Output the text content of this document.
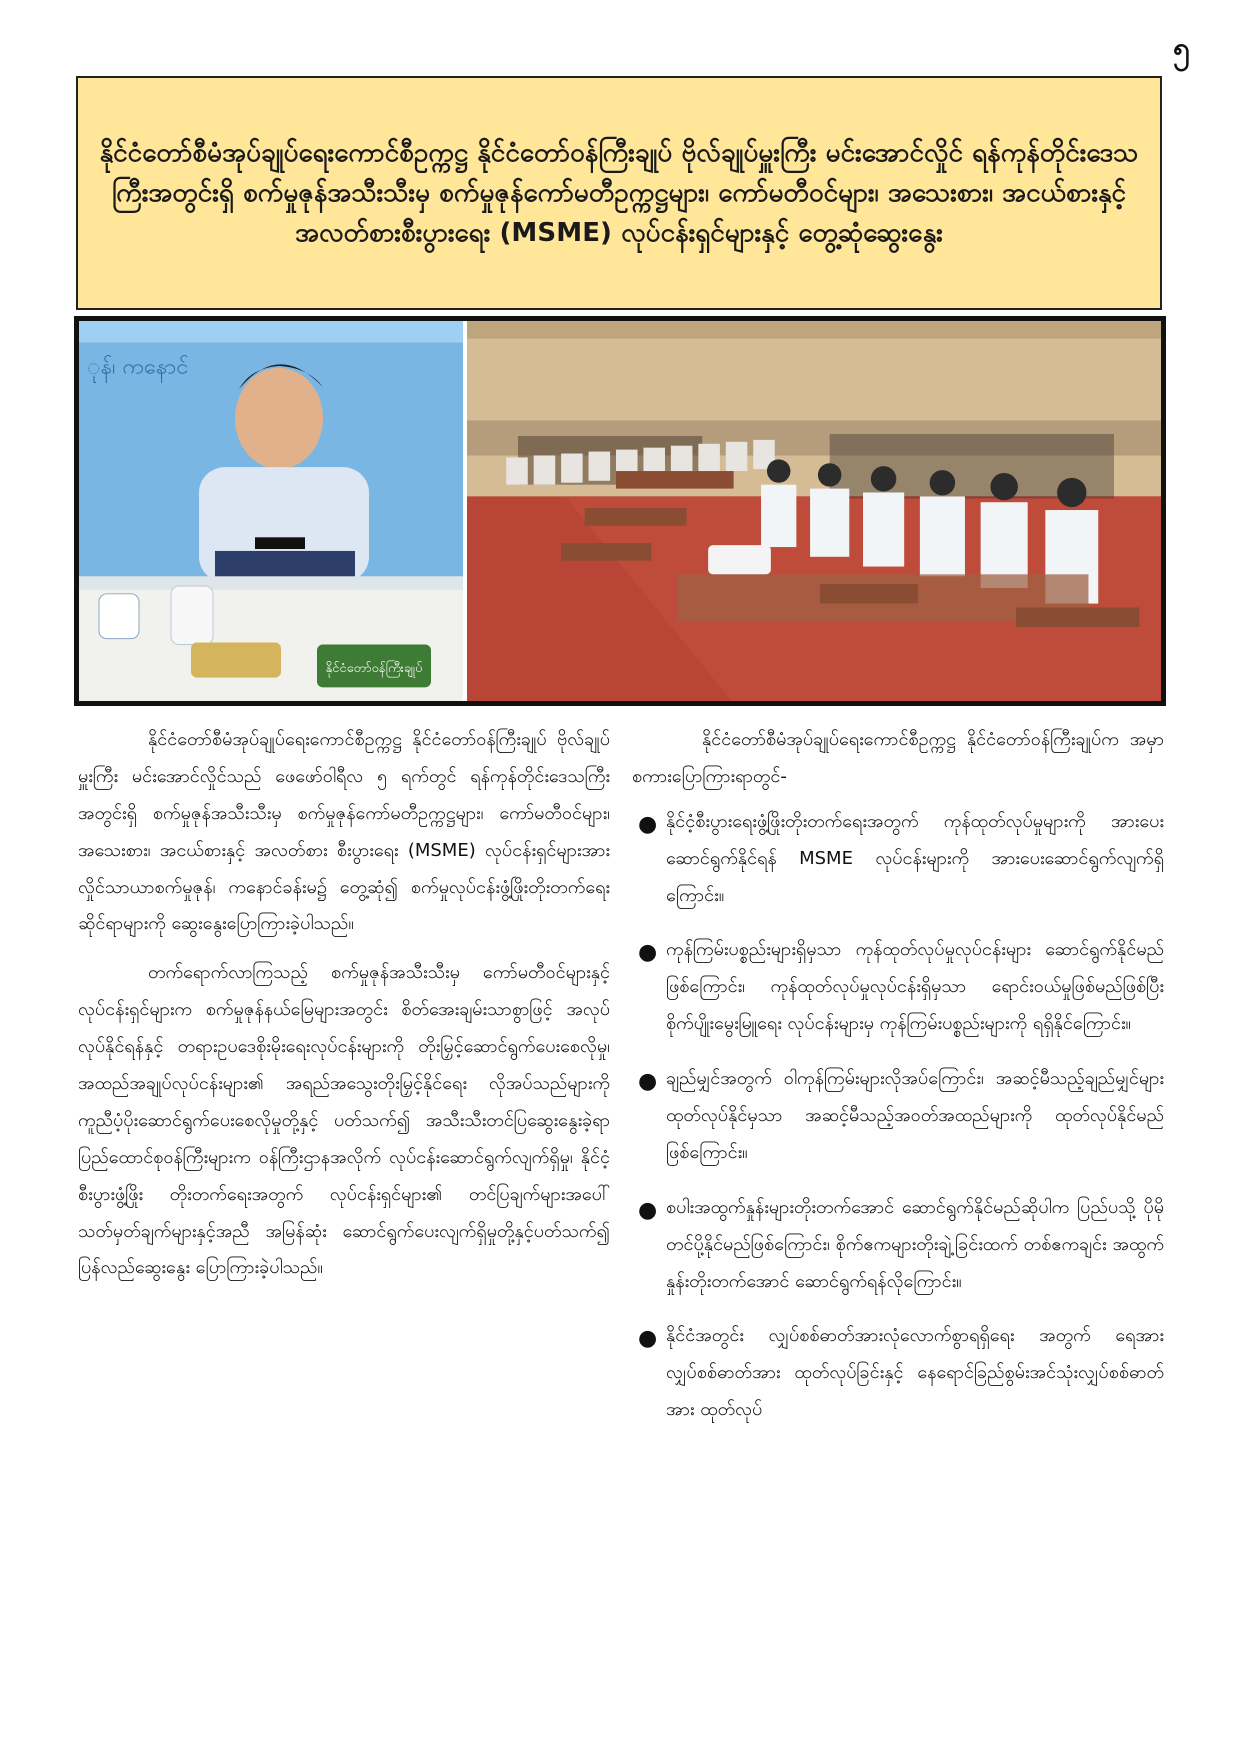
၅
နိုင်ငံတော်စီမံအုပ်ချုပ်ရေးကောင်စီဥက္ကဋ္ဌ နိုင်ငံတော်ဝန်ကြီးချုပ် ဗိုလ်ချုပ်မှူးကြီး မင်းအောင်လှိုင် ရန်ကုန်တိုင်းဒေသကြီးအတွင်းရှိ စက်မှုဇုန်အသီးသီးမှ စက်မှုဇုန်ကော်မတီဥက္ကဋ္ဌများ၊ ကော်မတီဝင်များ၊ အသေးစား၊ အငယ်စားနှင့် အလတ်စားစီးပွားရေး (MSME) လုပ်ငန်းရှင်များနှင့် တွေ့ဆုံဆွေးနွေး
ုန်၊ ကနောင်
နိုင်ငံတော်ဝန်ကြီးချုပ်

နိုင်ငံတော်စီမံအုပ်ချုပ်ရေးကောင်စီဥက္ကဋ္ဌ နိုင်ငံတော်ဝန်ကြီးချုပ် ဗိုလ်ချုပ်မှူးကြီး မင်းအောင်လှိုင်သည် ဖေဖော်ဝါရီလ ၅ ရက်တွင် ရန်ကုန်တိုင်းဒေသကြီးအတွင်းရှိ စက်မှုဇုန်အသီးသီးမှ စက်မှုဇုန်ကော်မတီဥက္ကဋ္ဌများ၊ ကော်မတီဝင်များ၊ အသေးစား၊ အငယ်စားနှင့် အလတ်စား စီးပွားရေး (MSME) လုပ်ငန်းရှင်များအား လှိုင်သာယာစက်မှုဇုန်၊ ကနောင်ခန်းမ၌ တွေ့ဆုံ၍ စက်မှုလုပ်ငန်းဖွံ့ဖြိုးတိုးတက်ရေးဆိုင်ရာများကို ဆွေးနွေးပြောကြားခဲ့ပါသည်။

တက်ရောက်လာကြသည့် စက်မှုဇုန်အသီးသီးမှ ကော်မတီဝင်များနှင့် လုပ်ငန်းရှင်များက စက်မှုဇုန်နယ်မြေများအတွင်း စိတ်အေးချမ်းသာစွာဖြင့် အလုပ်လုပ်နိုင်ရန်နှင့် တရားဥပဒေစိုးမိုးရေးလုပ်ငန်းများကို တိုးမြှင့်ဆောင်ရွက်ပေးစေလိုမှု၊ အထည်အချုပ်လုပ်ငန်းများ၏ အရည်အသွေးတိုးမြှင့်နိုင်ရေး လိုအပ်သည်များကို ကူညီပံ့ပိုးဆောင်ရွက်ပေးစေလိုမှုတို့နှင့် ပတ်သက်၍ အသီးသီးတင်ပြဆွေးနွေးခဲ့ရာ ပြည်ထောင်စုဝန်ကြီးများက ဝန်ကြီးဌာနအလိုက် လုပ်ငန်းဆောင်ရွက်လျက်ရှိမှု၊ နိုင်ငံ့စီးပွားဖွံ့ဖြိုး တိုးတက်ရေးအတွက် လုပ်ငန်းရှင်များ၏ တင်ပြချက်များအပေါ် သတ်မှတ်ချက်များနှင့်အညီ အမြန်ဆုံး ဆောင်ရွက်ပေးလျက်ရှိမှုတို့နှင့်ပတ်သက်၍ ပြန်လည်ဆွေးနွေး ပြောကြားခဲ့ပါသည်။

နိုင်ငံတော်စီမံအုပ်ချုပ်ရေးကောင်စီဥက္ကဋ္ဌ နိုင်ငံတော်ဝန်ကြီးချုပ်က အမှာစကားပြောကြားရာတွင်-

● နိုင်ငံ့စီးပွားရေးဖွံ့ဖြိုးတိုးတက်ရေးအတွက် ကုန်ထုတ်လုပ်မှုများကို အားပေးဆောင်ရွက်နိုင်ရန် MSME လုပ်ငန်းများကို အားပေးဆောင်ရွက်လျက်ရှိကြောင်း။
● ကုန်ကြမ်းပစ္စည်းများရှိမှသာ ကုန်ထုတ်လုပ်မှုလုပ်ငန်းများ ဆောင်ရွက်နိုင်မည်ဖြစ်ကြောင်း၊ ကုန်ထုတ်လုပ်မှုလုပ်ငန်းရှိမှသာ ရောင်းဝယ်မှုဖြစ်မည်ဖြစ်ပြီး စိုက်ပျိုးမွေးမြူရေး လုပ်ငန်းများမှ ကုန်ကြမ်းပစ္စည်းများကို ရရှိနိုင်ကြောင်း။
● ချည်မျှင်အတွက် ဝါကုန်ကြမ်းများလိုအပ်ကြောင်း၊ အဆင့်မီသည့်ချည်မျှင်များ ထုတ်လုပ်နိုင်မှသာ အဆင့်မီသည့်အဝတ်အထည်များကို ထုတ်လုပ်နိုင်မည်ဖြစ်ကြောင်း။
● စပါးအထွက်နှုန်းများတိုးတက်အောင် ဆောင်ရွက်နိုင်မည်ဆိုပါက ပြည်ပသို့ ပိုမိုတင်ပို့နိုင်မည်ဖြစ်ကြောင်း၊ စိုက်ဧကများတိုးချဲ့ခြင်းထက် တစ်ဧကချင်း အထွက်နှုန်းတိုးတက်အောင် ဆောင်ရွက်ရန်လိုကြောင်း။
● နိုင်ငံအတွင်း လျှပ်စစ်ဓာတ်အားလုံလောက်စွာရရှိရေး အတွက် ရေအားလျှပ်စစ်ဓာတ်အား ထုတ်လုပ်ခြင်းနှင့် နေရောင်ခြည်စွမ်းအင်သုံးလျှပ်စစ်ဓာတ်အား ထုတ်လုပ်
